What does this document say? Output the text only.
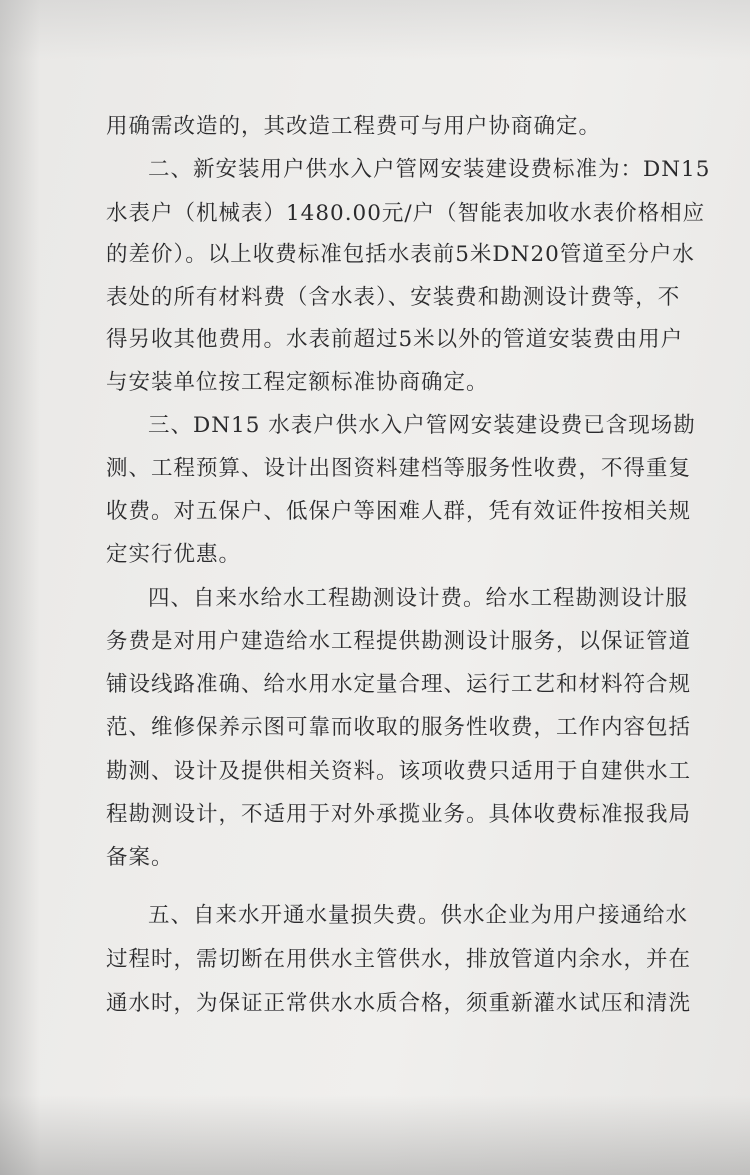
用确需改造的，其改造工程费可与用户协商确定。
二、新安装用户供水入户管网安装建设费标准为：DN15
水表户（机械表）1480.00元/户（智能表加收水表价格相应
的差价）。以上收费标准包括水表前5米DN20管道至分户水
表处的所有材料费（含水表）、安装费和勘测设计费等，不
得另收其他费用。水表前超过5米以外的管道安装费由用户
与安装单位按工程定额标准协商确定。
三、DN15 水表户供水入户管网安装建设费已含现场勘
测、工程预算、设计出图资料建档等服务性收费，不得重复
收费。对五保户、低保户等困难人群，凭有效证件按相关规
定实行优惠。
四、自来水给水工程勘测设计费。给水工程勘测设计服
务费是对用户建造给水工程提供勘测设计服务，以保证管道
铺设线路准确、给水用水定量合理、运行工艺和材料符合规
范、维修保养示图可靠而收取的服务性收费，工作内容包括
勘测、设计及提供相关资料。该项收费只适用于自建供水工
程勘测设计，不适用于对外承揽业务。具体收费标准报我局
备案。
五、自来水开通水量损失费。供水企业为用户接通给水
过程时，需切断在用供水主管供水，排放管道内余水，并在
通水时，为保证正常供水水质合格，须重新灌水试压和清洗
